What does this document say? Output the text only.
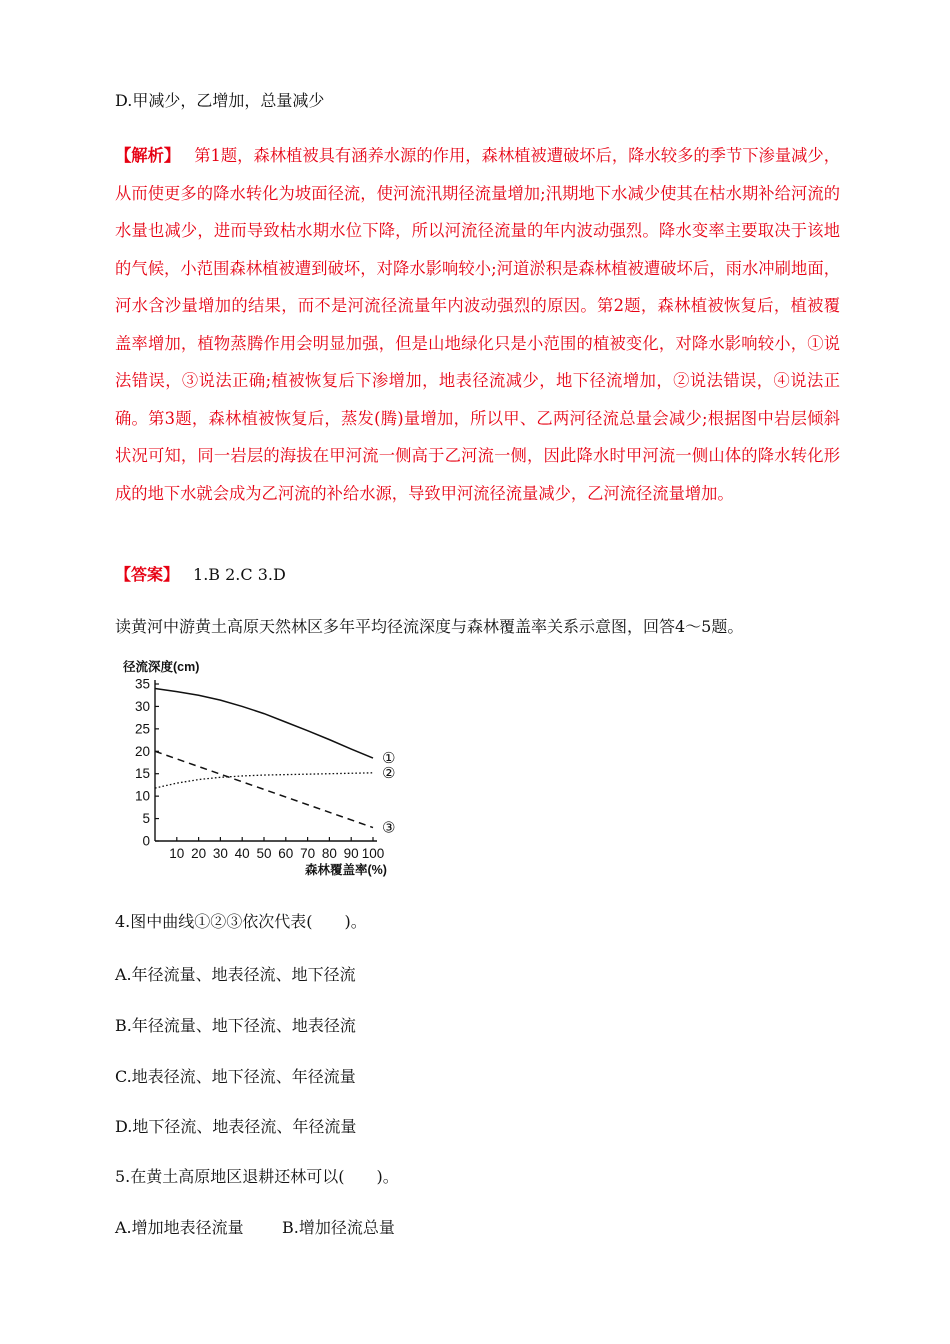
D.甲减少，乙增加，总量减少
【解析】 第1题，森林植被具有涵养水源的作用，森林植被遭破坏后，降水较多的季节下渗量减少，从而使更多的降水转化为坡面径流，使河流汛期径流量增加;汛期地下水减少使其在枯水期补给河流的水量也减少，进而导致枯水期水位下降，所以河流径流量的年内波动强烈。降水变率主要取决于该地的气候，小范围森林植被遭到破坏，对降水影响较小;河道淤积是森林植被遭破坏后，雨水冲刷地面，河水含沙量增加的结果，而不是河流径流量年内波动强烈的原因。第2题，森林植被恢复后，植被覆盖率增加，植物蒸腾作用会明显加强，但是山地绿化只是小范围的植被变化，对降水影响较小，①说法错误，③说法正确;植被恢复后下渗增加，地表径流减少，地下径流增加，②说法错误，④说法正确。第3题，森林植被恢复后，蒸发(腾)量增加，所以甲、乙两河径流总量会减少;根据图中岩层倾斜状况可知，同一岩层的海拔在甲河流一侧高于乙河流一侧，因此降水时甲河流一侧山体的降水转化形成的地下水就会成为乙河流的补给水源，导致甲河流径流量减少，乙河流径流量增加。
【答案】 1.B 2.C 3.D
读黄河中游黄土高原天然林区多年平均径流深度与森林覆盖率关系示意图，回答4～5题。
径流深度(cm)
森林覆盖率(%)
0
5
10
15
20
25
30
35
10 20 30 40 50 60 70 80 90 100
①
②
③
4.图中曲线①②③依次代表(　　)。
A.年径流量、地表径流、地下径流
B.年径流量、地下径流、地表径流
C.地表径流、地下径流、年径流量
D.地下径流、地表径流、年径流量
5.在黄土高原地区退耕还林可以(　　)。
A.增加地表径流量 B.增加径流总量
